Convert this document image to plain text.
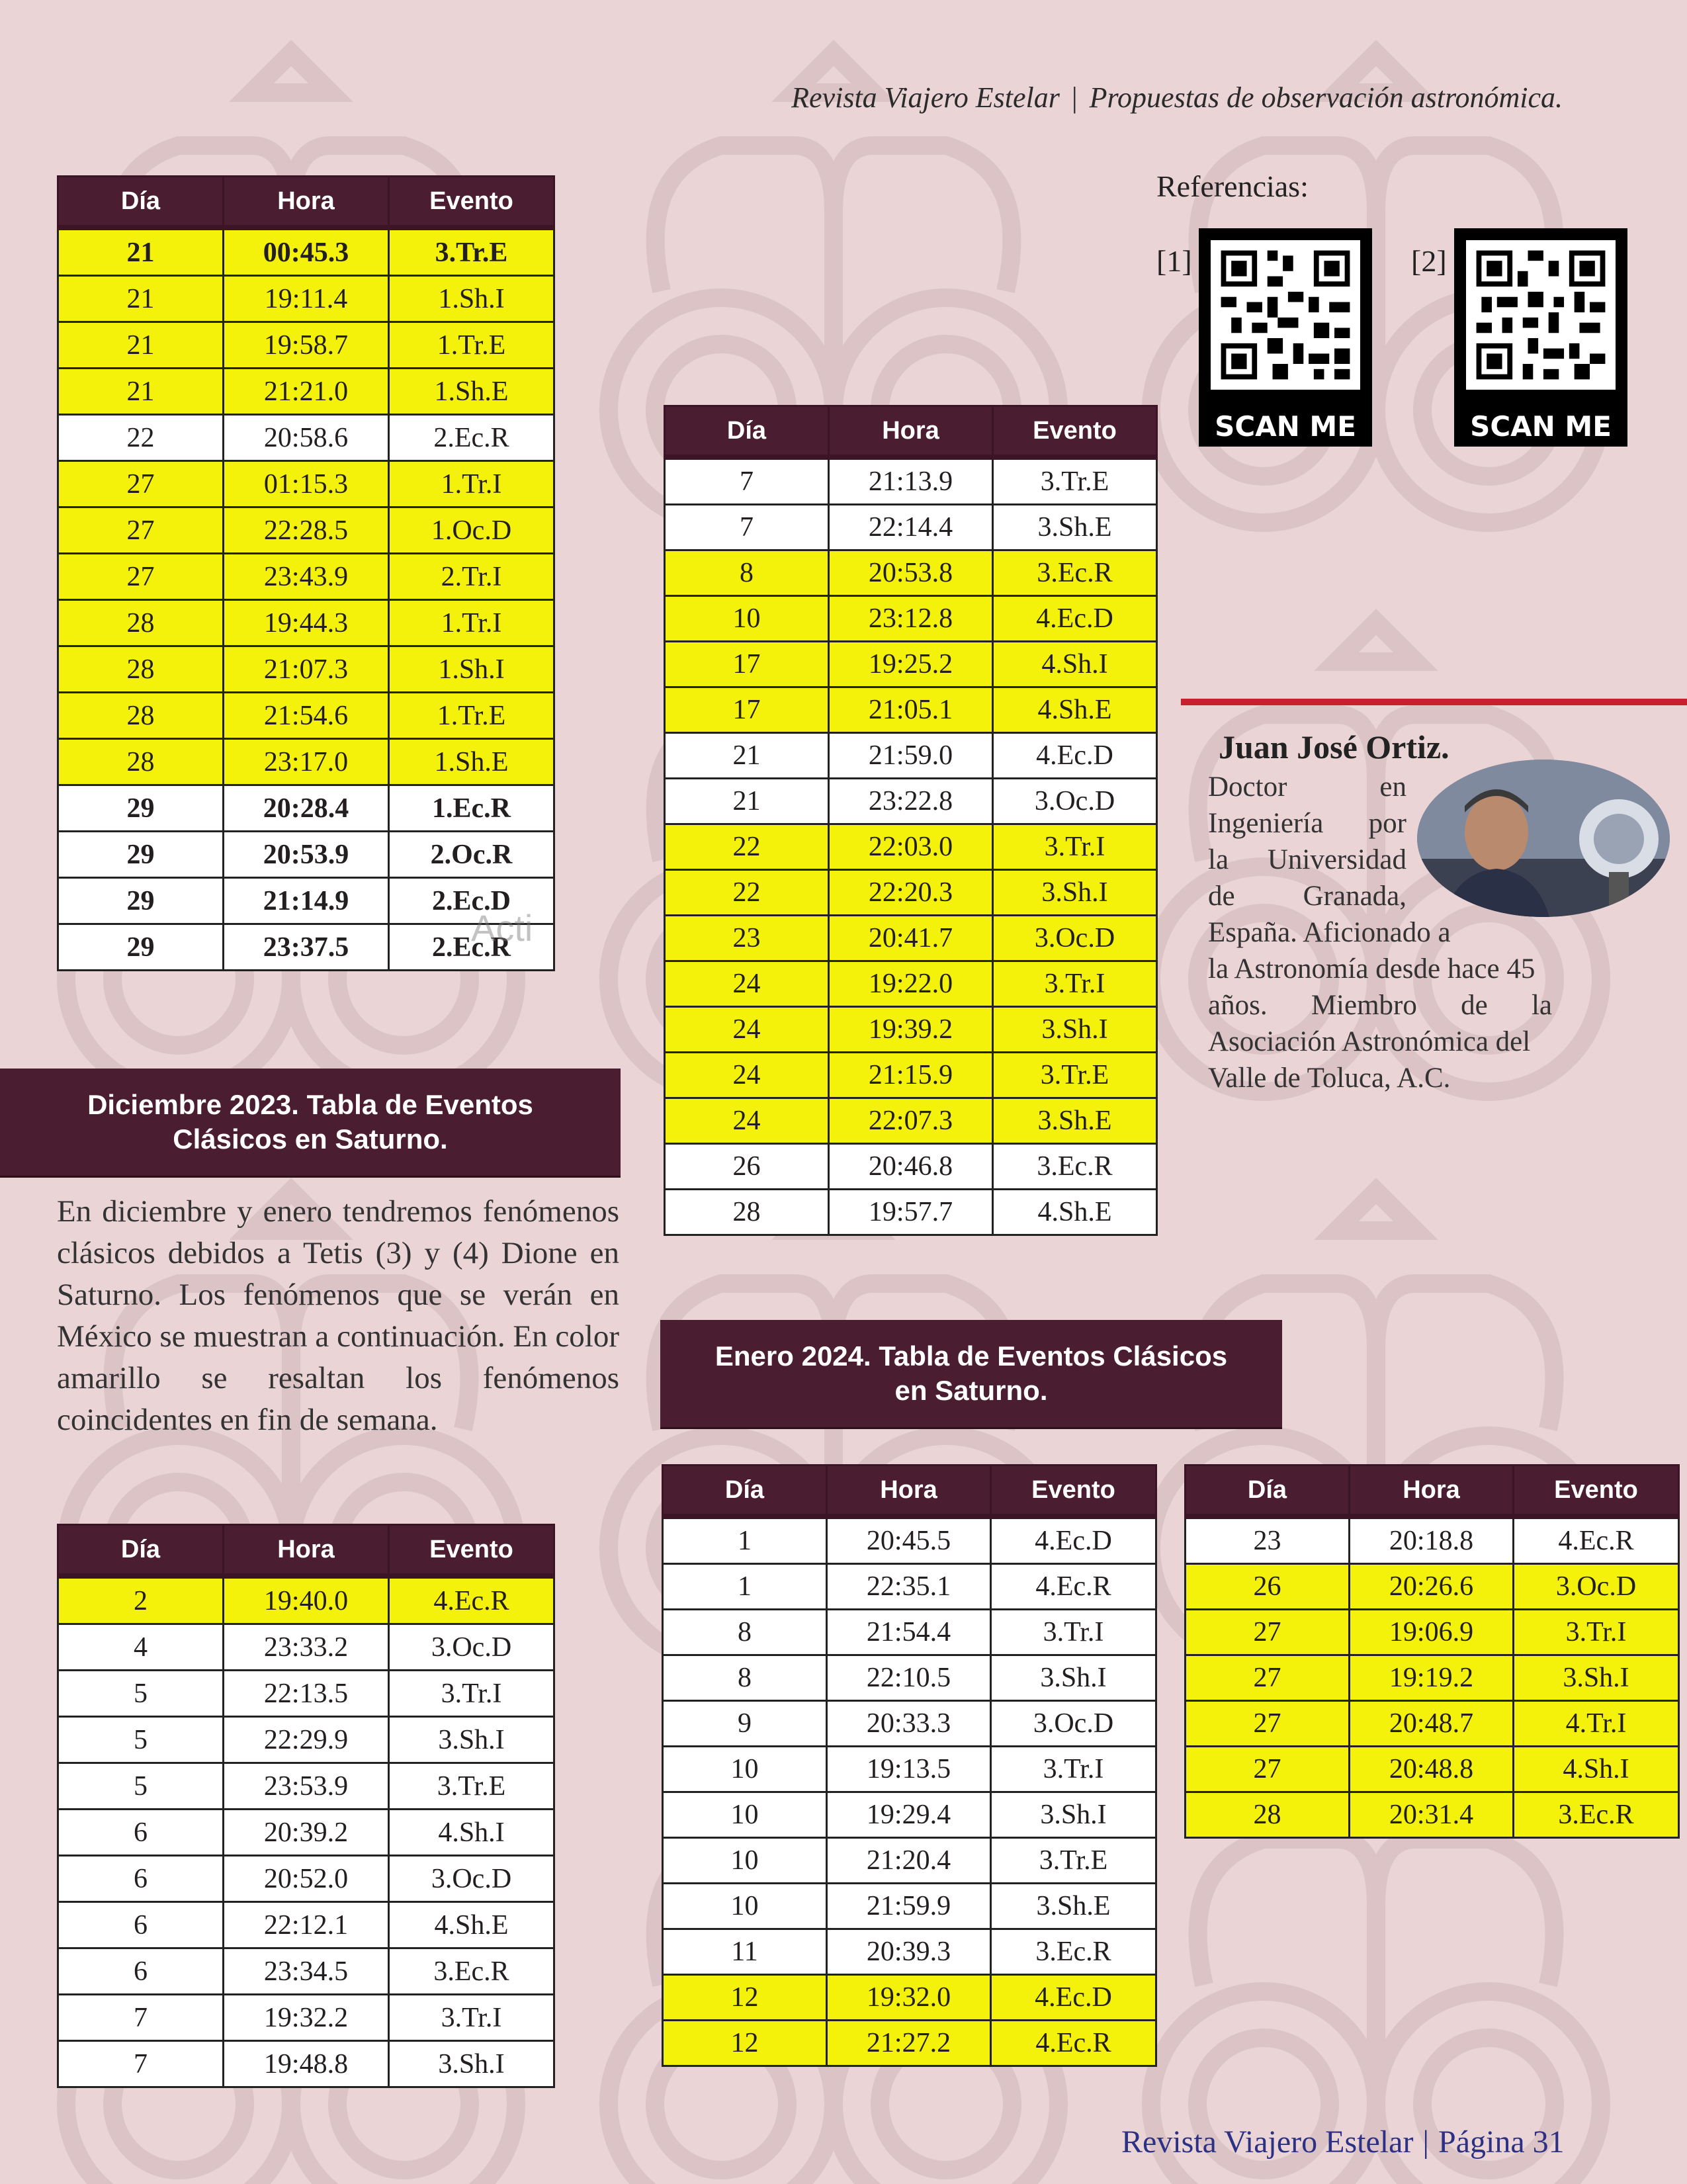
Revista Viajero Estelar | Propuestas de observación astronómica.
Día	Hora	Evento
21	00:45.3	3.Tr.E
21	19:11.4	1.Sh.I
21	19:58.7	1.Tr.E
21	21:21.0	1.Sh.E
22	20:58.6	2.Ec.R
27	01:15.3	1.Tr.I
27	22:28.5	1.Oc.D
27	23:43.9	2.Tr.I
28	19:44.3	1.Tr.I
28	21:07.3	1.Sh.I
28	21:54.6	1.Tr.E
28	23:17.0	1.Sh.E
29	20:28.4	1.Ec.R
29	20:53.9	2.Oc.R
29	21:14.9	2.Ec.D
29	23:37.5	2.Ec.R
Acti
Diciembre 2023. Tabla de Eventos
Clásicos en Saturno.
En diciembre y enero tendremos fenómenos clásicos debidos a Tetis (3) y (4) Dione en Saturno. Los fenómenos que se verán en México se muestran a continuación. En color amarillo se resaltan los fenómenos coincidentes en fin de semana.
Día	Hora	Evento
2	19:40.0	4.Ec.R
4	23:33.2	3.Oc.D
5	22:13.5	3.Tr.I
5	22:29.9	3.Sh.I
5	23:53.9	3.Tr.E
6	20:39.2	4.Sh.I
6	20:52.0	3.Oc.D
6	22:12.1	4.Sh.E
6	23:34.5	3.Ec.R
7	19:32.2	3.Tr.I
7	19:48.8	3.Sh.I
Día	Hora	Evento
7	21:13.9	3.Tr.E
7	22:14.4	3.Sh.E
8	20:53.8	3.Ec.R
10	23:12.8	4.Ec.D
17	19:25.2	4.Sh.I
17	21:05.1	4.Sh.E
21	21:59.0	4.Ec.D
21	23:22.8	3.Oc.D
22	22:03.0	3.Tr.I
22	22:20.3	3.Sh.I
23	20:41.7	3.Oc.D
24	19:22.0	3.Tr.I
24	19:39.2	3.Sh.I
24	21:15.9	3.Tr.E
24	22:07.3	3.Sh.E
26	20:46.8	3.Ec.R
28	19:57.7	4.Sh.E
Enero 2024. Tabla de Eventos Clásicos
en Saturno.
Día	Hora	Evento
1	20:45.5	4.Ec.D
1	22:35.1	4.Ec.R
8	21:54.4	3.Tr.I
8	22:10.5	3.Sh.I
9	20:33.3	3.Oc.D
10	19:13.5	3.Tr.I
10	19:29.4	3.Sh.I
10	21:20.4	3.Tr.E
10	21:59.9	3.Sh.E
11	20:39.3	3.Ec.R
12	19:32.0	4.Ec.D
12	21:27.2	4.Ec.R
Día	Hora	Evento
23	20:18.8	4.Ec.R
26	20:26.6	3.Oc.D
27	19:06.9	3.Tr.I
27	19:19.2	3.Sh.I
27	20:48.7	4.Tr.I
27	20:48.8	4.Sh.I
28	20:31.4	3.Ec.R
Referencias:
[1]
SCAN ME
[2]
SCAN ME
Juan José Ortiz.
Doctor en
Ingeniería por
la Universidad
de Granada,
España. Aficionado a
la Astronomía desde hace 45
años. Miembro de la
Asociación Astronómica del
Valle de Toluca, A.C.
Revista Viajero Estelar | Página 31
